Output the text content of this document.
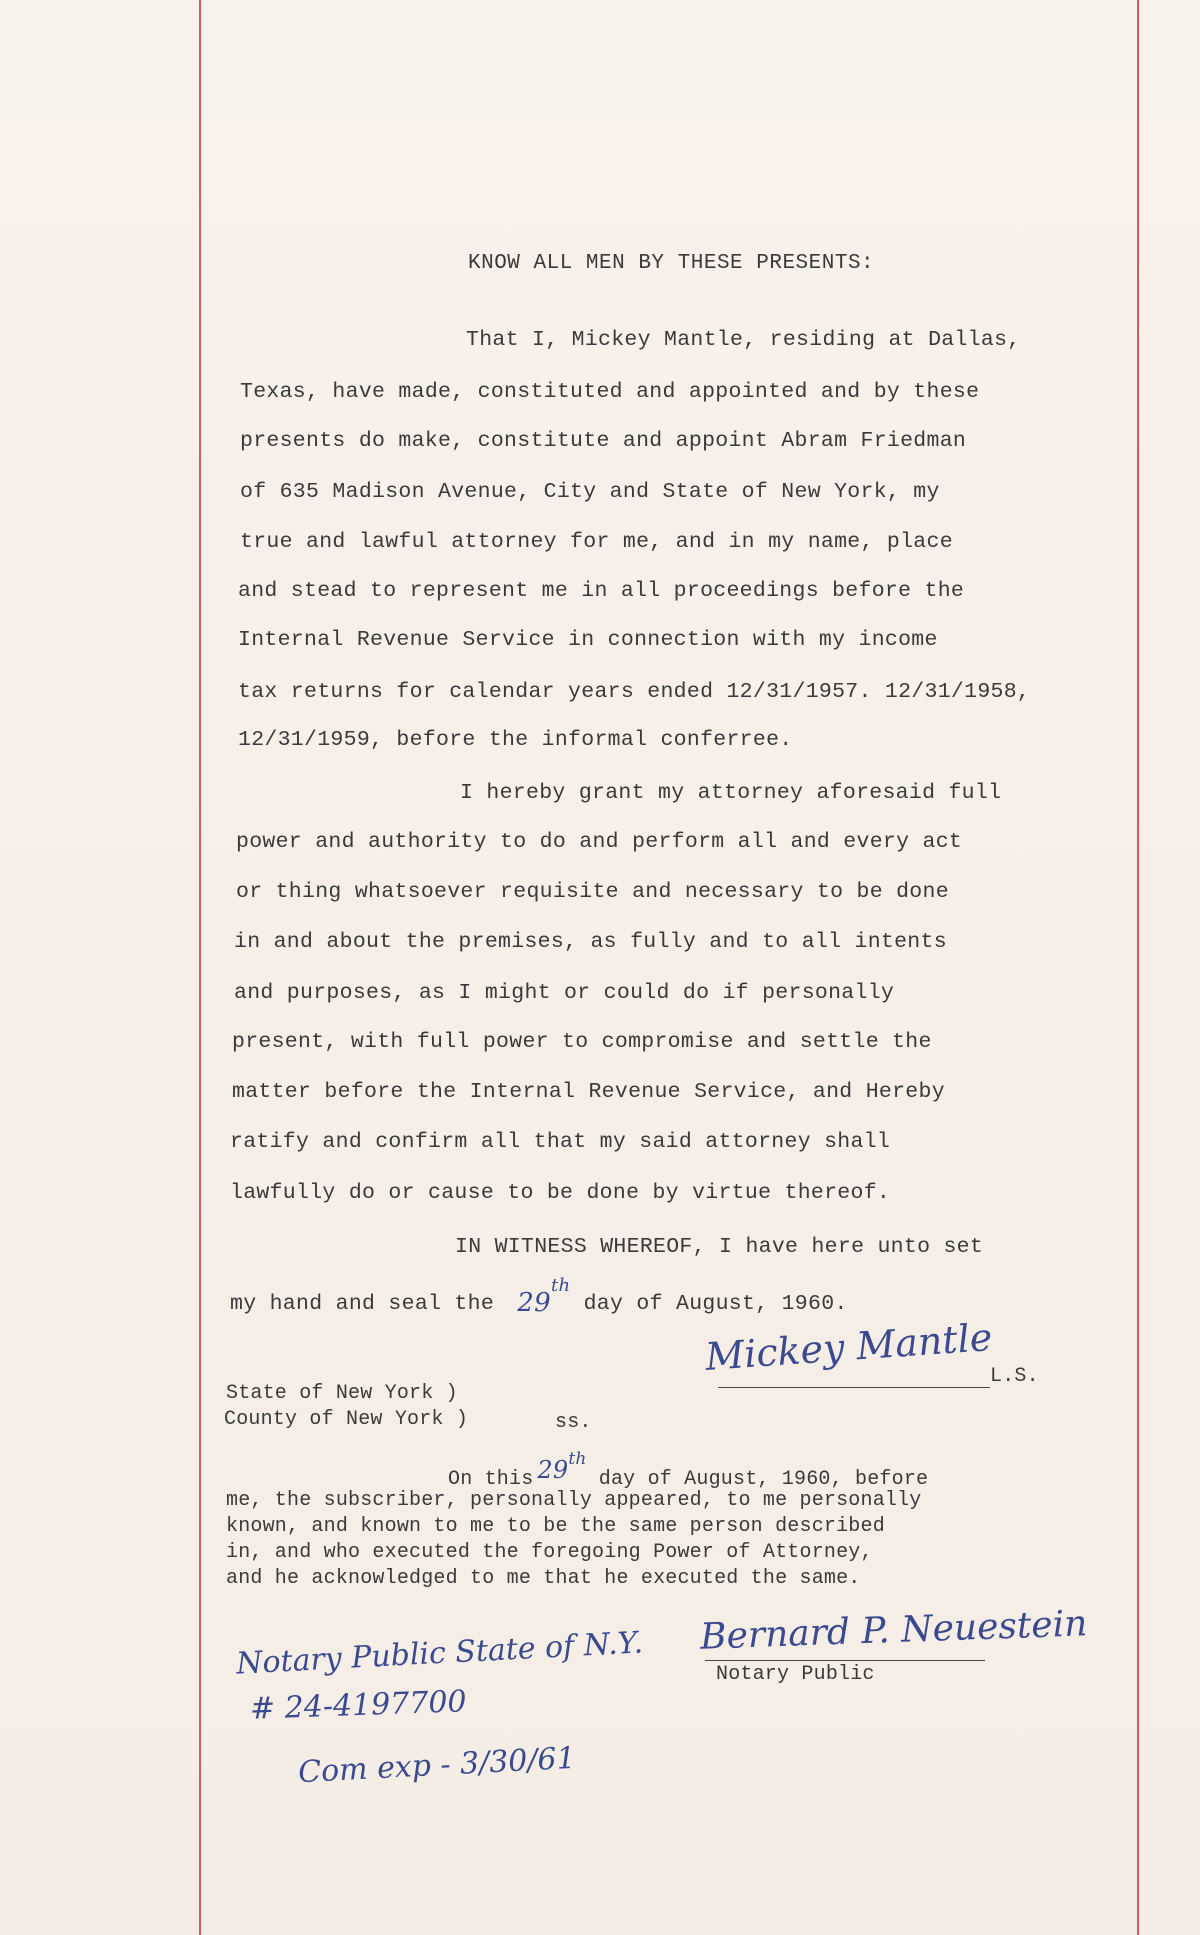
KNOW ALL MEN BY THESE PRESENTS:
That I, Mickey Mantle, residing at Dallas,
Texas, have made, constituted and appointed and by these
presents do make, constitute and appoint Abram Friedman
of 635 Madison Avenue, City and State of New York, my
true and lawful attorney for me, and in my name, place
and stead to represent me in all proceedings before the
Internal Revenue Service in connection with my income
tax returns for calendar years ended 12/31/1957. 12/31/1958,
12/31/1959, before the informal conferree.
I hereby grant my attorney aforesaid full
power and authority to do and perform all and every act
or thing whatsoever requisite and necessary to be done
in and about the premises, as fully and to all intents
and purposes, as I might or could do if personally
present, with full power to compromise and settle the
matter before the Internal Revenue Service, and Hereby
ratify and confirm all that my said attorney shall
lawfully do or cause to be done by virtue thereof.
IN WITNESS WHEREOF, I have here unto set
my hand and seal the 29th day of August, 1960.
Mickey Mantle
L.S.
State of New York )
County of New York )	ss.
On this 29th day of August, 1960, before
me, the subscriber, personally appeared, to me personally
known, and known to me to be the same person described
in, and who executed the foregoing Power of Attorney,
and he acknowledged to me that he executed the same.
Bernard P. Neuestein
Notary Public
Notary Public State of N.Y.
# 24-4197700
Com exp - 3/30/61
